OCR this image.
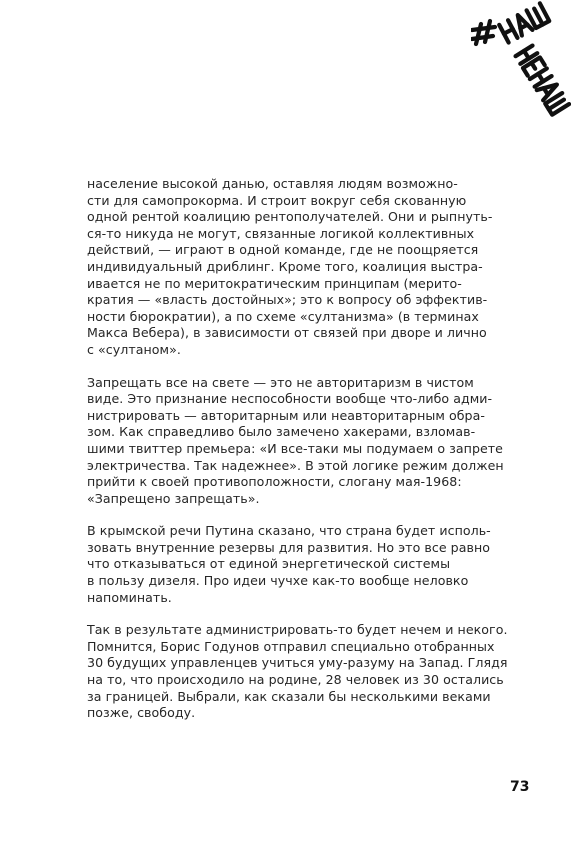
население высокой данью, оставляя людям возможно-
сти для самопрокорма. И строит вокруг себя скованную
одной рентой коалицию рентополучателей. Они и рыпнуть-
ся-то никуда не могут, связанные логикой коллективных
действий, — играют в одной команде, где не поощряется
индивидуальный дриблинг. Кроме того, коалиция выстра-
ивается не по меритократическим принципам (мерито-
кратия — «власть достойных»; это к вопросу об эффектив-
ности бюрократии), а по схеме «султанизма» (в терминах
Макса Вебера), в зависимости от связей при дворе и лично
с «султаном».

Запрещать все на свете — это не авторитаризм в чистом
виде. Это признание неспособности вообще что-либо адми-
нистрировать — авторитарным или неавторитарным обра-
зом. Как справедливо было замечено хакерами, взломав-
шими твиттер премьера: «И все-таки мы подумаем о запрете
электричества. Так надежнее». В этой логике режим должен
прийти к своей противоположности, слогану мая-1968:
«Запрещено запрещать».

В крымской речи Путина сказано, что страна будет исполь-
зовать внутренние резервы для развития. Но это все равно
что отказываться от единой энергетической системы
в пользу дизеля. Про идеи чучхе как-то вообще неловко
напоминать.

Так в результате администрировать-то будет нечем и некого.
Помнится, Борис Годунов отправил специально отобранных
30 будущих управленцев учиться уму-разуму на Запад. Глядя
на то, что происходило на родине, 28 человек из 30 остались
за границей. Выбрали, как сказали бы несколькими веками
позже, свободу.

73
